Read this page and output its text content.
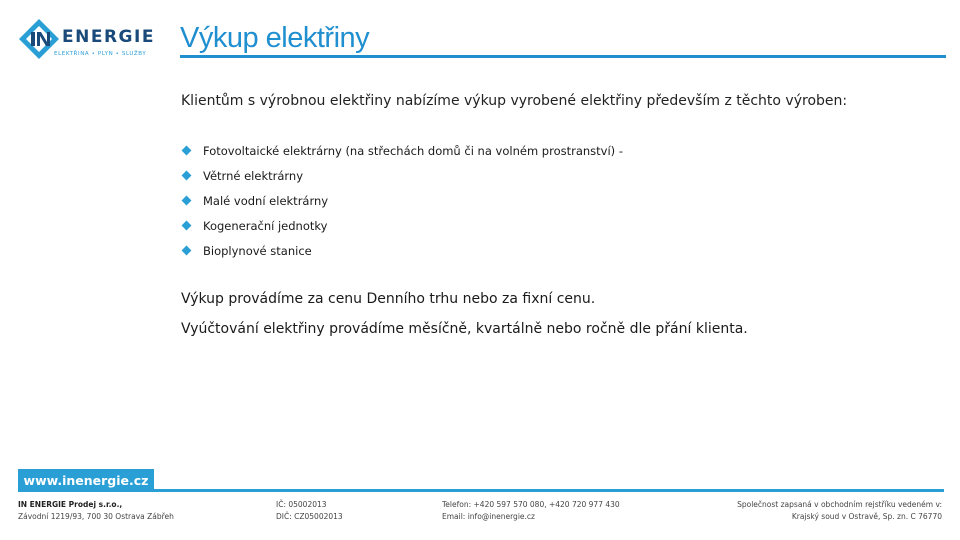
ENERGIE
ELEKTŘINA • PLYN • SLUŽBY Výkup elektřiny
Klientům s výrobnou elektřiny nabízíme výkup vyrobené elektřiny především z těchto výroben:
Fotovoltaické elektrárny (na střechách domů či na volném prostranství) -
Větrné elektrárny
Malé vodní elektrárny
Kogenerační jednotky
Bioplynové stanice
Výkup provádíme za cenu Denního trhu nebo za fixní cenu.
Vyúčtování elektřiny provádíme měsíčně, kvartálně nebo ročně dle přání klienta.
www.inenergie.cz
IN ENERGIE Prodej s.r.o.,
Závodní 1219/93, 700 30 Ostrava Zábřeh
IČ: 05002013
DIČ: CZ05002013
Telefon: +420 597 570 080, +420 720 977 430
Email: info@inenergie.cz
Společnost zapsaná v obchodním rejstříku vedeném v:
Krajský soud v Ostravě, Sp. zn. C 76770
